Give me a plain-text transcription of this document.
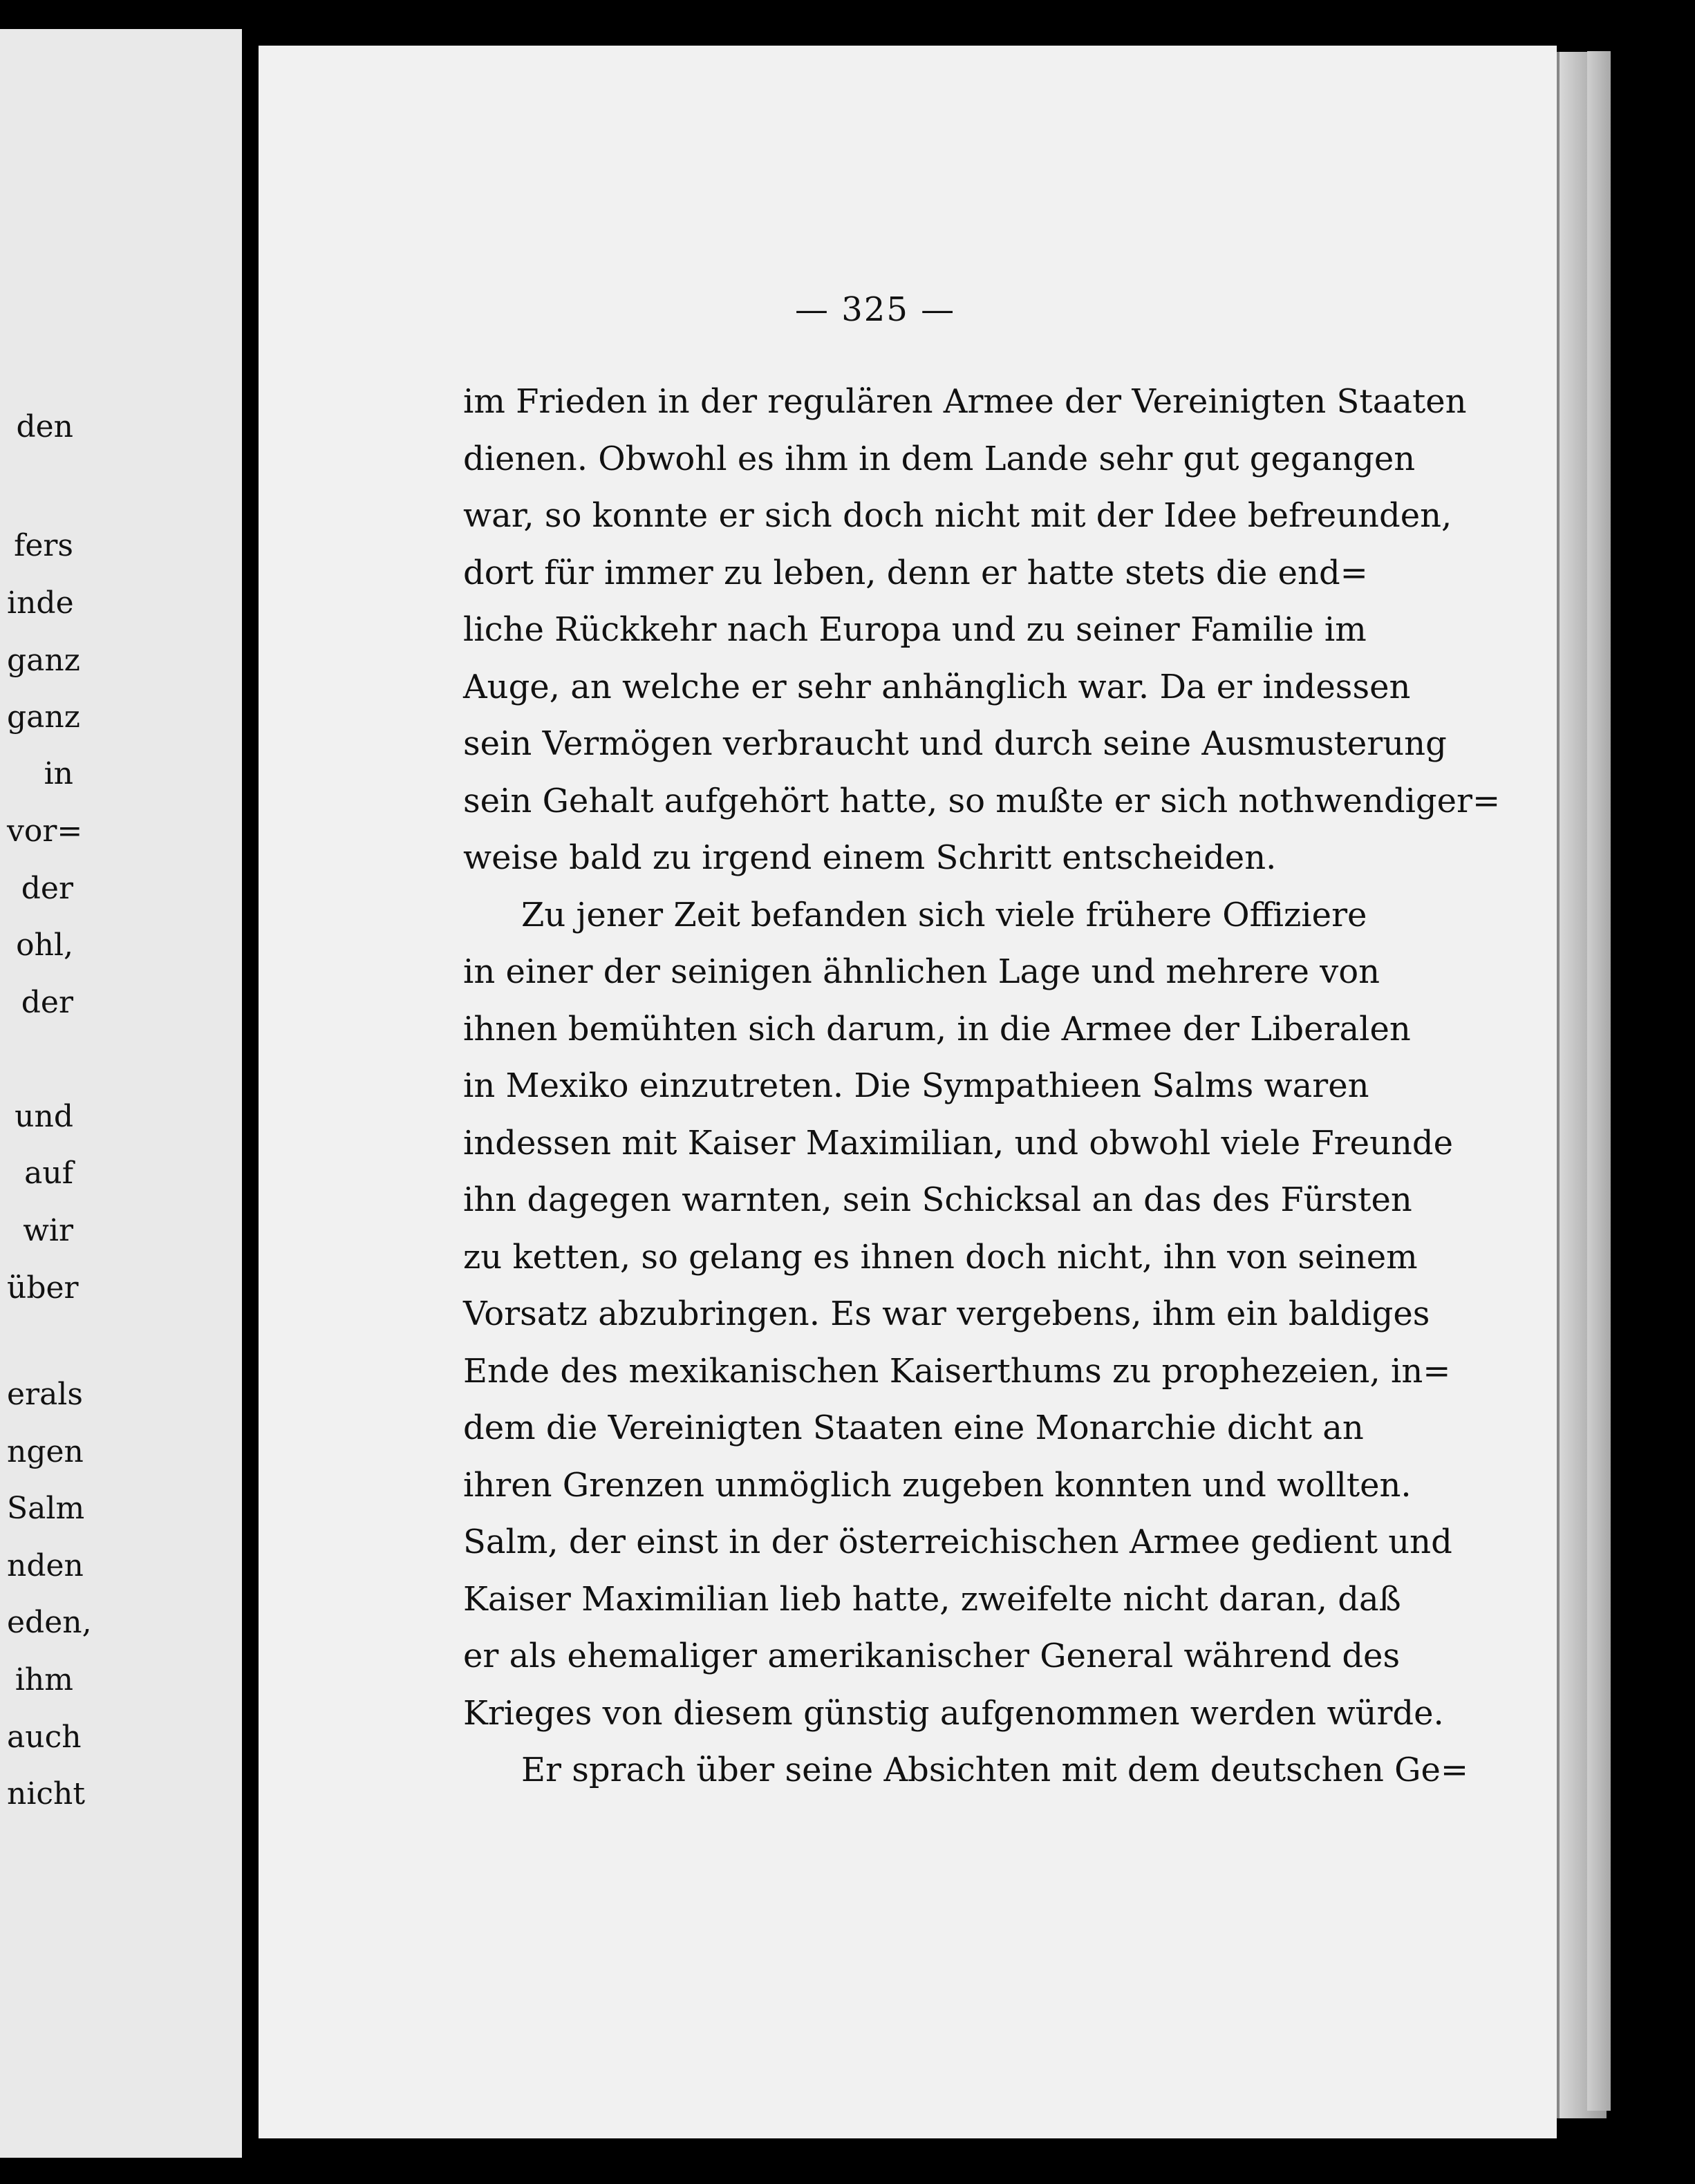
den
fers
inde
ganz
ganz
in
vor=
der
ohl,
der
und
auf
wir
über
erals
ngen
Salm
nden
eden,
ihm
auch
nicht
— 325 —
im Frieden in der regulären Armee der Vereinigten Staaten
dienen. Obwohl es ihm in dem Lande sehr gut gegangen
war, so konnte er sich doch nicht mit der Idee befreunden,
dort für immer zu leben, denn er hatte stets die end=
liche Rückkehr nach Europa und zu seiner Familie im
Auge, an welche er sehr anhänglich war. Da er indessen
sein Vermögen verbraucht und durch seine Ausmusterung
sein Gehalt aufgehört hatte, so mußte er sich nothwendiger=
weise bald zu irgend einem Schritt entscheiden.
Zu jener Zeit befanden sich viele frühere Offiziere
in einer der seinigen ähnlichen Lage und mehrere von
ihnen bemühten sich darum, in die Armee der Liberalen
in Mexiko einzutreten. Die Sympathieen Salms waren
indessen mit Kaiser Maximilian, und obwohl viele Freunde
ihn dagegen warnten, sein Schicksal an das des Fürsten
zu ketten, so gelang es ihnen doch nicht, ihn von seinem
Vorsatz abzubringen. Es war vergebens, ihm ein baldiges
Ende des mexikanischen Kaiserthums zu prophezeien, in=
dem die Vereinigten Staaten eine Monarchie dicht an
ihren Grenzen unmöglich zugeben konnten und wollten.
Salm, der einst in der österreichischen Armee gedient und
Kaiser Maximilian lieb hatte, zweifelte nicht daran, daß
er als ehemaliger amerikanischer General während des
Krieges von diesem günstig aufgenommen werden würde.
Er sprach über seine Absichten mit dem deutschen Ge=
